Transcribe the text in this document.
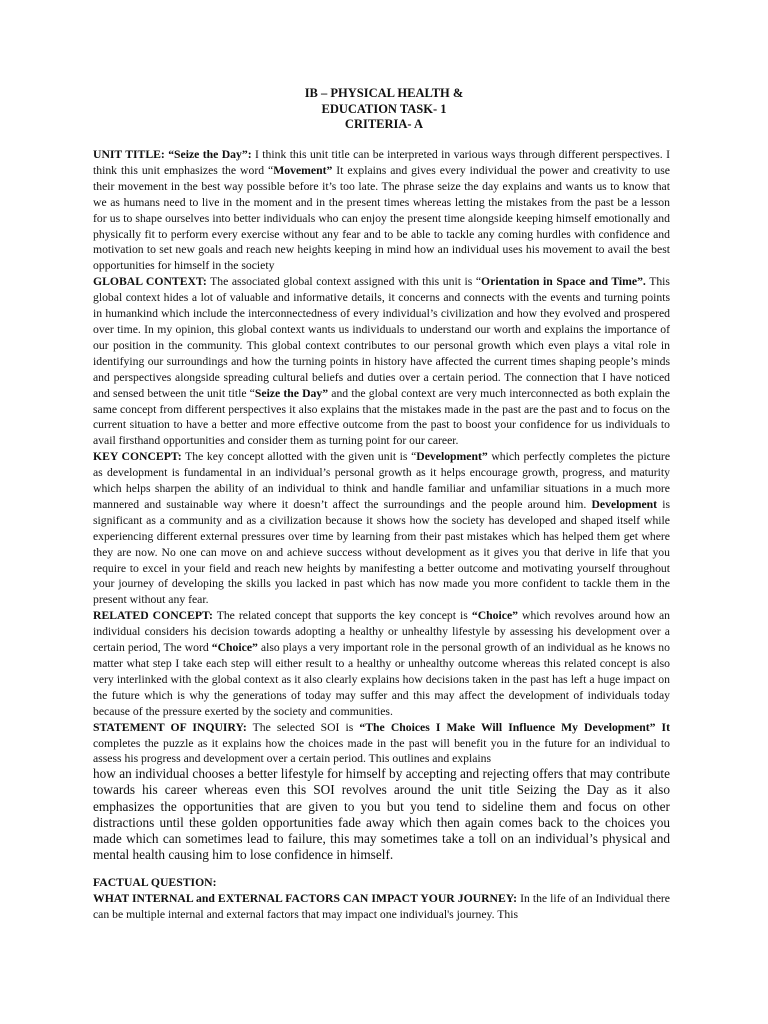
IB – PHYSICAL HEALTH &
EDUCATION TASK- 1
CRITERIA- A

UNIT TITLE: “Seize the Day”: I think this unit title can be interpreted in various ways through different perspectives. I think this unit emphasizes the word “Movement” It explains and gives every individual the power and creativity to use their movement in the best way possible before it’s too late. The phrase seize the day explains and wants us to know that we as humans need to live in the moment and in the present times whereas letting the mistakes from the past be a lesson for us to shape ourselves into better individuals who can enjoy the present time alongside keeping himself emotionally and physically fit to perform every exercise without any fear and to be able to tackle any coming hurdles with confidence and motivation to set new goals and reach new heights keeping in mind how an individual uses his movement to avail the best opportunities for himself in the society

GLOBAL CONTEXT: The associated global context assigned with this unit is “Orientation in Space and Time”. This global context hides a lot of valuable and informative details, it concerns and connects with the events and turning points in humankind which include the interconnectedness of every individual’s civilization and how they evolved and prospered over time. In my opinion, this global context wants us individuals to understand our worth and explains the importance of our position in the community. This global context contributes to our personal growth which even plays a vital role in identifying our surroundings and how the turning points in history have affected the current times shaping people’s minds and perspectives alongside spreading cultural beliefs and duties over a certain period. The connection that I have noticed and sensed between the unit title “Seize the Day” and the global context are very much interconnected as both explain the same concept from different perspectives it also explains that the mistakes made in the past are the past and to focus on the current situation to have a better and more effective outcome from the past to boost your confidence for us individuals to avail firsthand opportunities and consider them as turning point for our career.

KEY CONCEPT: The key concept allotted with the given unit is “Development” which perfectly completes the picture as development is fundamental in an individual’s personal growth as it helps encourage growth, progress, and maturity which helps sharpen the ability of an individual to think and handle familiar and unfamiliar situations in a much more mannered and sustainable way where it doesn’t affect the surroundings and the people around him. Development is significant as a community and as a civilization because it shows how the society has developed and shaped itself while experiencing different external pressures over time by learning from their past mistakes which has helped them get where they are now. No one can move on and achieve success without development as it gives you that derive in life that you require to excel in your field and reach new heights by manifesting a better outcome and motivating yourself throughout your journey of developing the skills you lacked in past which has now made you more confident to tackle them in the present without any fear.

RELATED CONCEPT: The related concept that supports the key concept is “Choice” which revolves around how an individual considers his decision towards adopting a healthy or unhealthy lifestyle by assessing his development over a certain period, The word “Choice” also plays a very important role in the personal growth of an individual as he knows no matter what step I take each step will either result to a healthy or unhealthy outcome whereas this related concept is also very interlinked with the global context as it also clearly explains how decisions taken in the past has left a huge impact on the future which is why the generations of today may suffer and this may affect the development of individuals today because of the pressure exerted by the society and communities.

STATEMENT OF INQUIRY: The selected SOI is “The Choices I Make Will Influence My Development” It completes the puzzle as it explains how the choices made in the past will benefit you in the future for an individual to assess his progress and development over a certain period. This outlines and explains

how an individual chooses a better lifestyle for himself by accepting and rejecting offers that may contribute towards his career whereas even this SOI revolves around the unit title Seizing the Day as it also emphasizes the opportunities that are given to you but you tend to sideline them and focus on other distractions until these golden opportunities fade away which then again comes back to the choices you made which can sometimes lead to failure, this may sometimes take a toll on an individual’s physical and mental health causing him to lose confidence in himself.

FACTUAL QUESTION:

WHAT INTERNAL and EXTERNAL FACTORS CAN IMPACT YOUR JOURNEY: In the life of an Individual there can be multiple internal and external factors that may impact one individual's journey. This
